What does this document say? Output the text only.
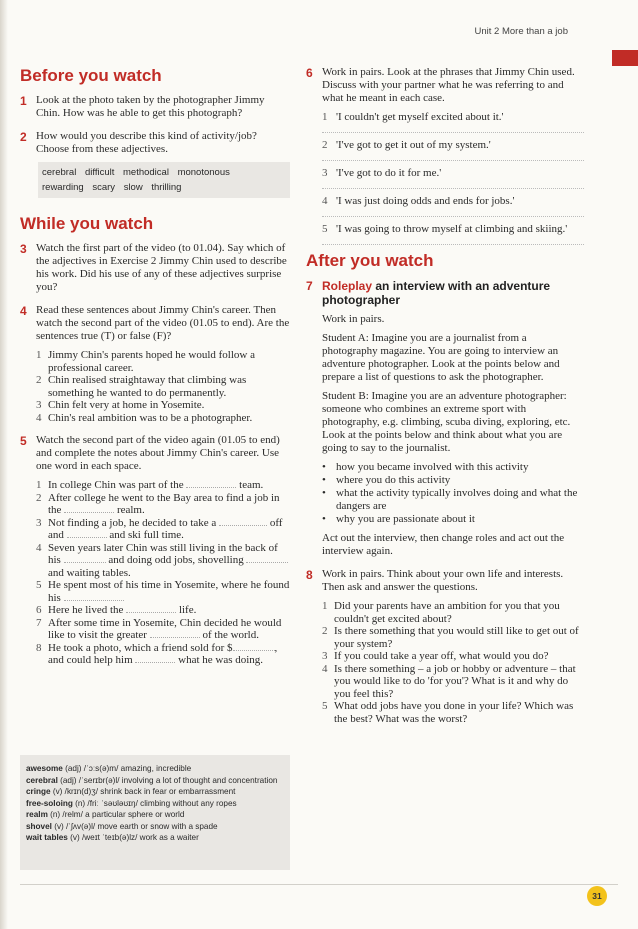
Unit 2 More than a job
Before you watch
1 Look at the photo taken by the photographer Jimmy Chin. How was he able to get this photograph?
2 How would you describe this kind of activity/job? Choose from these adjectives.
cerebral difficult methodical monotonous
rewarding scary slow thrilling
While you watch
3 Watch the first part of the video (to 01.04). Say which of the adjectives in Exercise 2 Jimmy Chin used to describe his work. Did his use of any of these adjectives surprise you?
4 Read these sentences about Jimmy Chin's career. Then watch the second part of the video (01.05 to end). Are the sentences true (T) or false (F)?
1 Jimmy Chin's parents hoped he would follow a professional career.
2 Chin realised straightaway that climbing was something he wanted to do permanently.
3 Chin felt very at home in Yosemite.
4 Chin's real ambition was to be a photographer.
5 Watch the second part of the video again (01.05 to end) and complete the notes about Jimmy Chin's career. Use one word in each space.
1 In college Chin was part of the	team.
2 After college he went to the Bay area to find a job in the	realm.
3 Not finding a job, he decided to take a	off and	and ski full time.
4 Seven years later Chin was still living in the back of his	and doing odd jobs, shovelling  and waiting tables.
5 He spent most of his time in Yosemite, where he found his
6 Here he lived the	life.
7 After some time in Yosemite, Chin decided he would like to visit the greater	of the world.
8 He took a photo, which a friend sold for $	, and could help him	what he was doing.
awesome (adj) /ˈɔːs(ə)m/ amazing, incredible
cerebral (adj) /ˈserɪbr(ə)l/ involving a lot of thought and concentration
cringe (v) /krɪn(d)ʒ/ shrink back in fear or embarrassment
free-soloing (n) /friː ˈsəʊləʊɪŋ/ climbing without any ropes
realm (n) /relm/ a particular sphere or world
shovel (v) /ˈʃʌv(ə)l/ move earth or snow with a spade
wait tables (v) /weɪt ˈteɪb(ə)lz/ work as a waiter
6 Work in pairs. Look at the phrases that Jimmy Chin used. Discuss with your partner what he was referring to and what he meant in each case.
1 'I couldn't get myself excited about it.'
2 'I've got to get it out of my system.'
3 'I've got to do it for me.'
4 'I was just doing odds and ends for jobs.'
5 'I was going to throw myself at climbing and skiing.'
After you watch
7 Roleplay an interview with an adventure photographer
Work in pairs.
Student A: Imagine you are a journalist from a photography magazine. You are going to interview an adventure photographer. Look at the points below and prepare a list of questions to ask the photographer.
Student B: Imagine you are an adventure photographer: someone who combines an extreme sport with photography, e.g. climbing, scuba diving, exploring, etc. Look at the points below and think about what you are going to say to the journalist.
• how you became involved with this activity
• where you do this activity
• what the activity typically involves doing and what the dangers are
• why you are passionate about it
Act out the interview, then change roles and act out the interview again.
8 Work in pairs. Think about your own life and interests. Then ask and answer the questions.
1 Did your parents have an ambition for you that you couldn't get excited about?
2 Is there something that you would still like to get out of your system?
3 If you could take a year off, what would you do?
4 Is there something – a job or hobby or adventure – that you would like to do 'for you'? What is it and why do you feel this?
5 What odd jobs have you done in your life? Which was the best? What was the worst?
31
